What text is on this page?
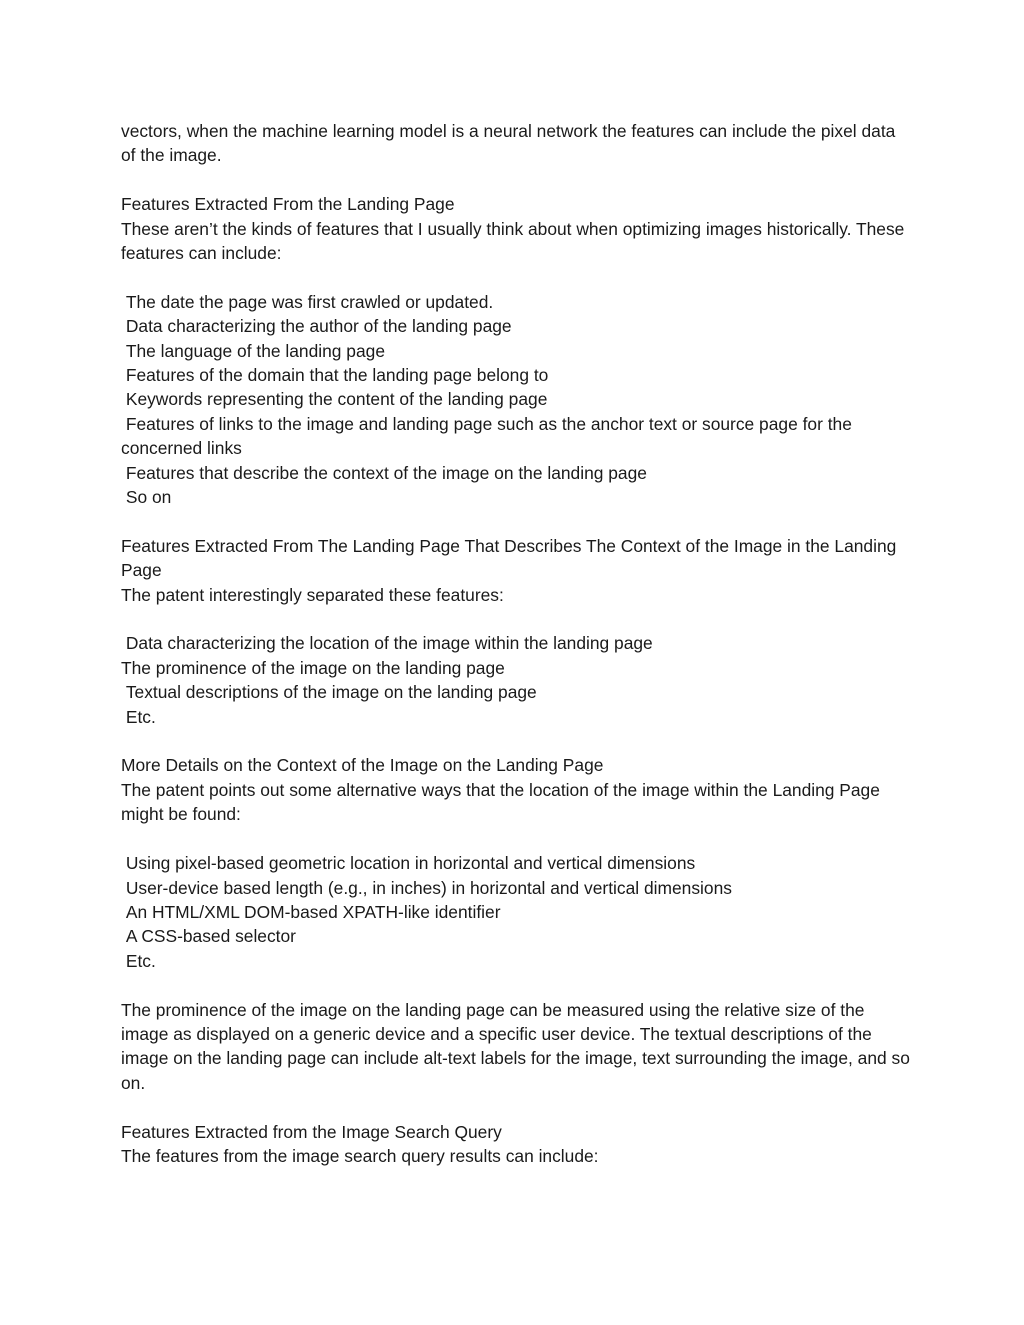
vectors, when the machine learning model is a neural network the features can include the pixel data of the image.

Features Extracted From the Landing Page

These aren’t the kinds of features that I usually think about when optimizing images historically. These features can include:

The date the page was first crawled or updated.

Data characterizing the author of the landing page

The language of the landing page

Features of the domain that the landing page belong to

Keywords representing the content of the landing page

Features of links to the image and landing page such as the anchor text or source page for the concerned links

Features that describe the context of the image on the landing page

So on

Features Extracted From The Landing Page That Describes The Context of the Image in the Landing Page

The patent interestingly separated these features:

Data characterizing the location of the image within the landing page

The prominence of the image on the landing page

Textual descriptions of the image on the landing page

Etc.

More Details on the Context of the Image on the Landing Page

The patent points out some alternative ways that the location of the image within the Landing Page might be found:

Using pixel-based geometric location in horizontal and vertical dimensions

User-device based length (e.g., in inches) in horizontal and vertical dimensions

An HTML/XML DOM-based XPATH-like identifier

A CSS-based selector

Etc.

The prominence of the image on the landing page can be measured using the relative size of the image as displayed on a generic device and a specific user device. The textual descriptions of the image on the landing page can include alt-text labels for the image, text surrounding the image, and so on.

Features Extracted from the Image Search Query

The features from the image search query results can include:
